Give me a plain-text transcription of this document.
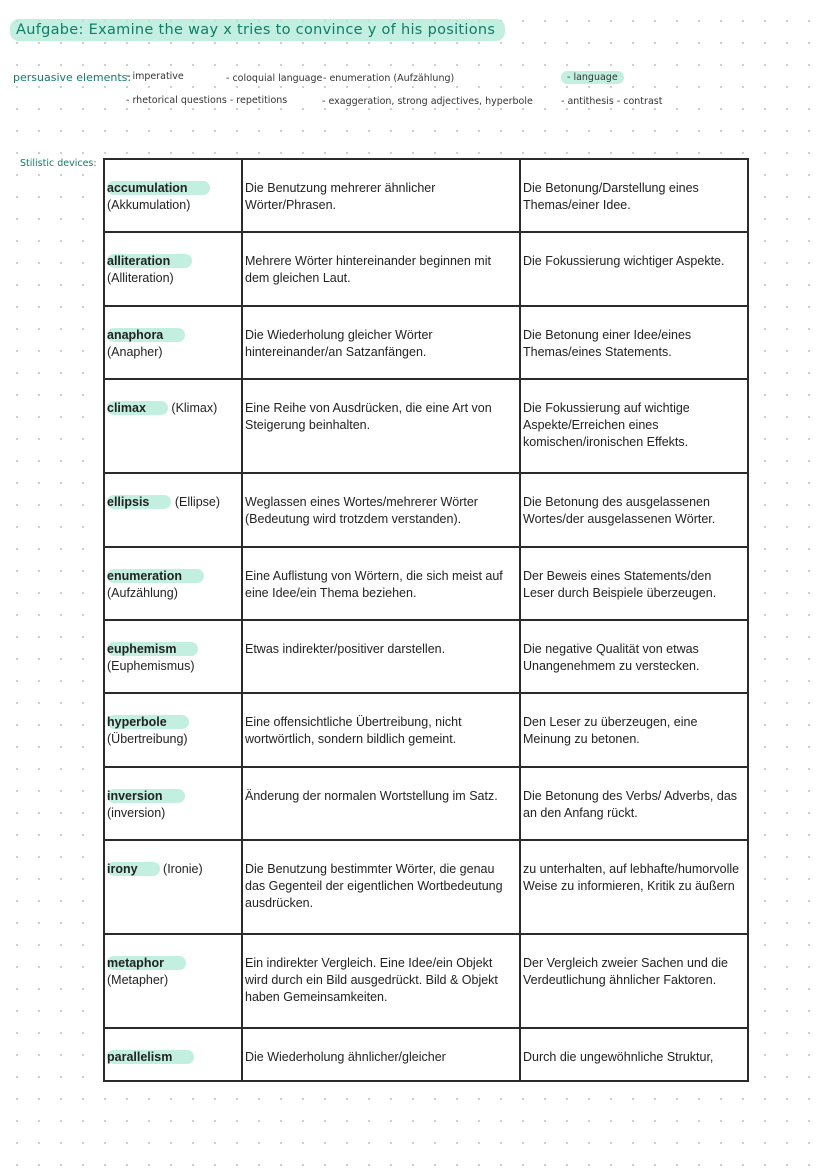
Aufgabe: Examine the way x tries to convince y of his positions
persuasive elements:
- imperative	- coloquial language - enumeration (Aufzählung)	- language
- rhetorical questions - repetitions	- exaggeration, strong adjectives, hyperbole	- antithesis - contrast
Stilistic devices:
accumulation
(Akkumulation)	Die Benutzung mehrerer ähnlicher Wörter/Phrasen.	Die Betonung/Darstellung eines Themas/einer Idee.
alliteration
(Alliteration)	Mehrere Wörter hintereinander beginnen mit dem gleichen Laut.	Die Fokussierung wichtiger Aspekte.
anaphora (Anapher)	Die Wiederholung gleicher Wörter hintereinander/an Satzanfängen.	Die Betonung einer Idee/eines Themas/eines Statements.
climax (Klimax)	Eine Reihe von Ausdrücken, die eine Art von Steigerung beinhalten.	Die Fokussierung auf wichtige Aspekte/Erreichen eines komischen/ironischen Effekts.
ellipsis (Ellipse)	Weglassen eines Wortes/mehrerer Wörter (Bedeutung wird trotzdem verstanden).	Die Betonung des ausgelassenen Wortes/der ausgelassenen Wörter.
enumeration
(Aufzählung)	Eine Auflistung von Wörtern, die sich meist auf eine Idee/ein Thema beziehen.	Der Beweis eines Statements/den Leser durch Beispiele überzeugen.
euphemism (Euphemismus)	Etwas indirekter/positiver darstellen.	Die negative Qualität von etwas Unangenehmem zu verstecken.
hyperbole (Übertreibung)	Eine offensichtliche Übertreibung, nicht wortwörtlich, sondern bildlich gemeint.	Den Leser zu überzeugen, eine Meinung zu betonen.
inversion (inversion)	Änderung der normalen Wortstellung im Satz.	Die Betonung des Verbs/ Adverbs, das an den Anfang rückt.
irony (Ironie)	Die Benutzung bestimmter Wörter, die genau das Gegenteil der eigentlichen Wortbedeutung ausdrücken.	zu unterhalten, auf lebhafte/humorvolle Weise zu informieren, Kritik zu äußern
metaphor (Metapher)	Ein indirekter Vergleich. Eine Idee/ein Objekt wird durch ein Bild ausgedrückt. Bild & Objekt haben Gemeinsamkeiten.	Der Vergleich zweier Sachen und die Verdeutlichung ähnlicher Faktoren.
parallelism	Die Wiederholung ähnlicher/gleicher	Durch die ungewöhnliche Struktur,
